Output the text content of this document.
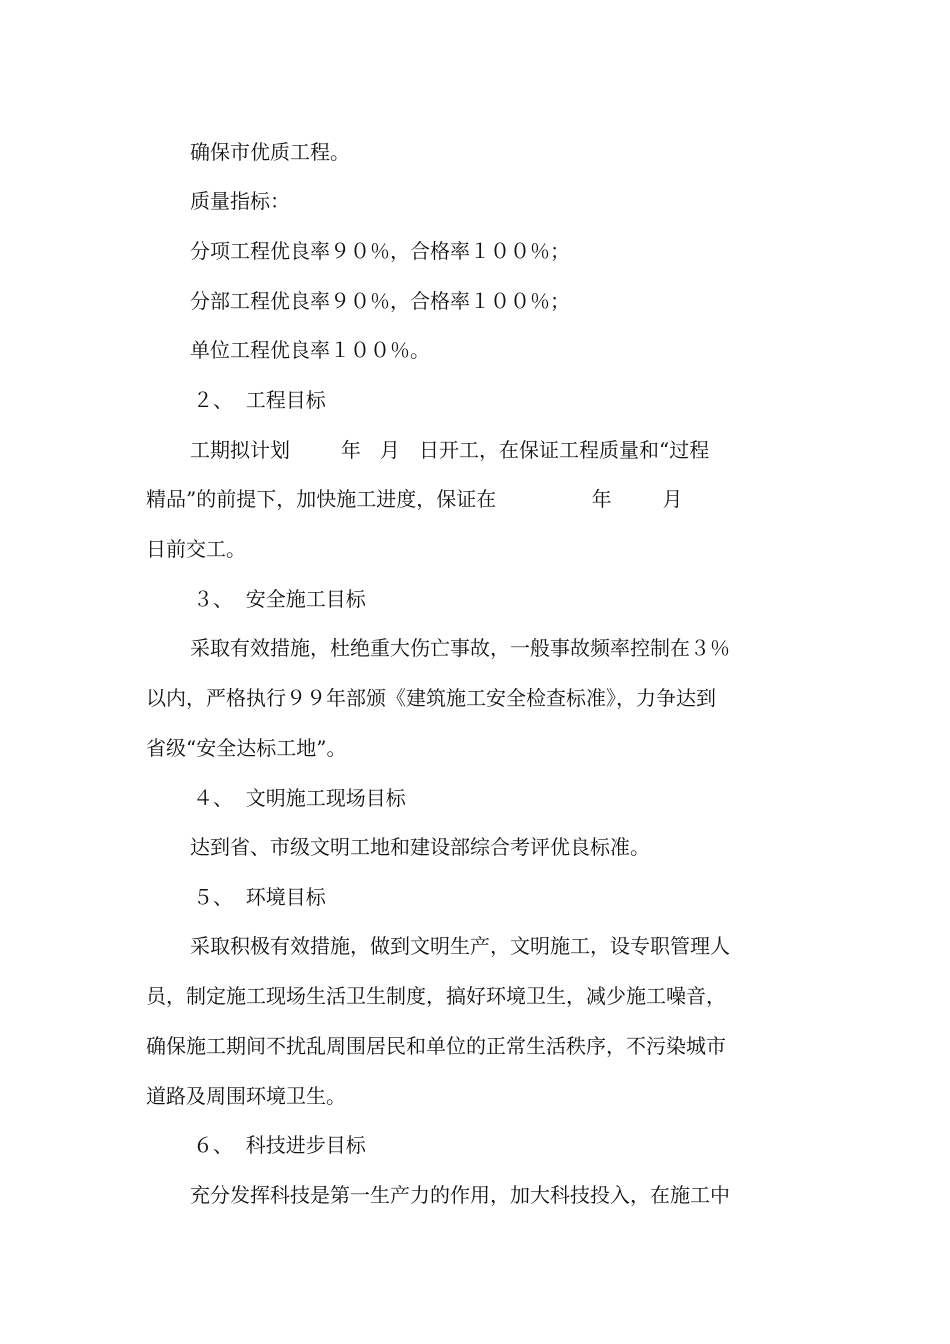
确保市优质工程。
质量指标：
分项工程优良率９０％，合格率１００％；
分部工程优良率９０％，合格率１００％；
单位工程优良率１００％。
２、  工程目标
工期拟计划        年   月   日开工，在保证工程质量和“过程
精品”的前提下，加快施工进度，保证在               年        月
日前交工。
３、  安全施工目标
采取有效措施，杜绝重大伤亡事故，一般事故频率控制在３％
以内，严格执行９９年部颁《建筑施工安全检查标准》，力争达到
省级“安全达标工地”。
４、  文明施工现场目标
达到省、市级文明工地和建设部综合考评优良标准。
５、  环境目标
采取积极有效措施，做到文明生产，文明施工，设专职管理人
员，制定施工现场生活卫生制度，搞好环境卫生，减少施工噪音，
确保施工期间不扰乱周围居民和单位的正常生活秩序，不污染城市
道路及周围环境卫生。
６、  科技进步目标
充分发挥科技是第一生产力的作用，加大科技投入，在施工中
